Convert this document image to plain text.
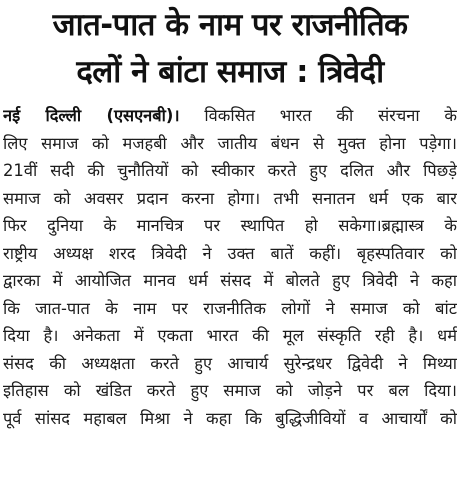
जात-पात के नाम पर राजनीतिक
दलों ने बांटा समाज : त्रिवेदी
नई दिल्ली (एसएनबी)। विकसित भारत की संरचना के
लिए समाज को मजहबी और जातीय बंधन से मुक्त होना पड़ेगा।
21वीं सदी की चुनौतियों को स्वीकार करते हुए दलित और पिछड़े
समाज को अवसर प्रदान करना होगा। तभी सनातन धर्म एक बार
फिर दुनिया के मानचित्र पर स्थापित हो सकेगा।ब्रह्मास्त्र के
राष्ट्रीय अध्यक्ष शरद त्रिवेदी ने उक्त बातें कहीं। बृहस्पतिवार को
द्वारका में आयोजित मानव धर्म संसद में बोलते हुए त्रिवेदी ने कहा
कि जात-पात के नाम पर राजनीतिक लोगों ने समाज को बांट
दिया है। अनेकता में एकता भारत की मूल संस्कृति रही है। धर्म
संसद की अध्यक्षता करते हुए आचार्य सुरेन्द्रधर द्विवेदी ने मिथ्या
इतिहास को खंडित करते हुए समाज को जोड़ने पर बल दिया।
पूर्व सांसद महाबल मिश्रा ने कहा कि बुद्धिजीवियों व आचार्यों को
